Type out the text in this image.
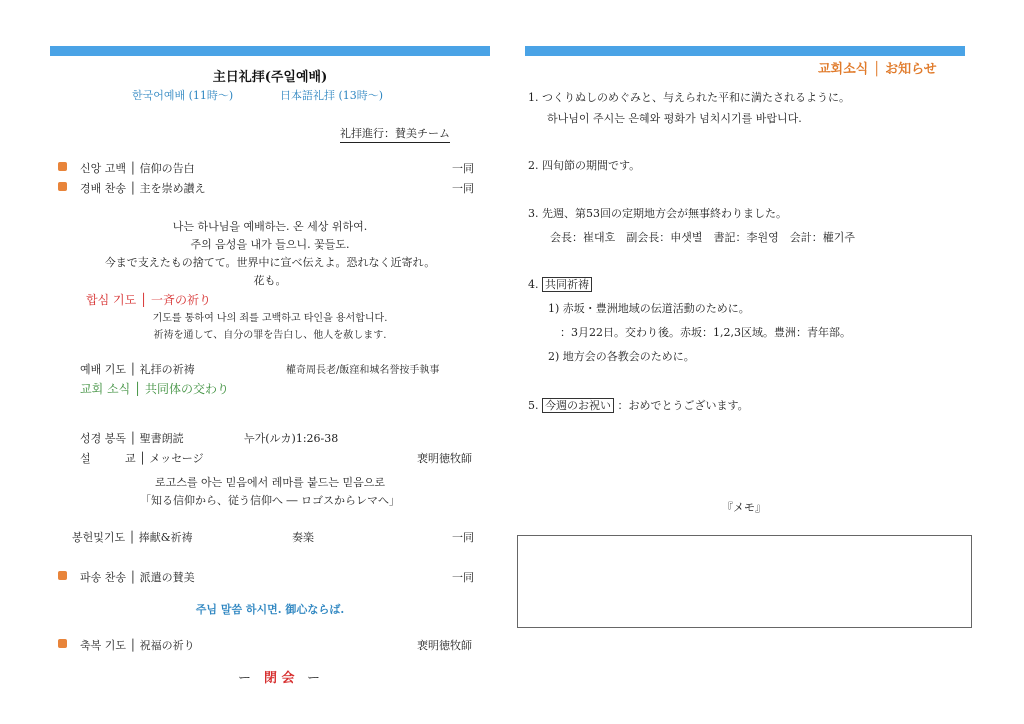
主日礼拝(주일예배)
한국어예배 (11時～)	日本語礼拝 (13時～)
礼拝進行：賛美チーム
신앙 고백 │ 信仰の告白	一同
경배 찬송 │ 主を崇め讃え	一同
나는 하나님을 예배하는. 온 세상 위하여.
주의 음성을 내가 들으니. 꽃들도.
今まで支えたもの捨てて。世界中に宣べ伝えよ。恐れなく近寄れ。
花も。
합심 기도 │ 一斉の祈り
기도를 통하여 나의 죄를 고백하고 타인을 용서합니다.
祈祷を通して、自分の罪を告白し、他人を赦します.
예배 기도 │ 礼拝の祈祷	權奇周長老/飯窪和城名誉按手執事
교회 소식 │ 共同体の交わり
성경 봉독 │ 聖書朗読	누가(ルカ)1:26-38
설	교 │ メッセージ	裵明徳牧師
로고스를 아는 믿음에서 레마를 붙드는 믿음으로
「知る信仰から、従う信仰へ ― ロゴスからレマへ」
봉헌및기도 │ 捧献&祈祷	奏楽	一同
파송 찬송 │ 派遣の賛美	一同
주님 말씀 하시면. 御心ならば.
축복 기도 │ 祝福の祈り	裵明徳牧師
ー 閉 会 ー
교회소식 │ お知らせ
1. つくりぬしのめぐみと、与えられた平和に満たされるように。
하나님이 주시는 은혜와 평화가 넘치시기를 바랍니다.
2. 四旬節の期間です。
3. 先週、第53回の定期地方会が無事終わりました。
会長：崔대호　副会長：申샛별　書記：李원영　会計：權기주
4. 共同祈祷
1) 赤坂・豊洲地域の伝道活動のために。
：3月22日。交わり後。赤坂：1,2,3区域。豊洲：青年部。
2) 地方会の各教会のために。
5. 今週のお祝い ：おめでとうございます。
『メモ』
